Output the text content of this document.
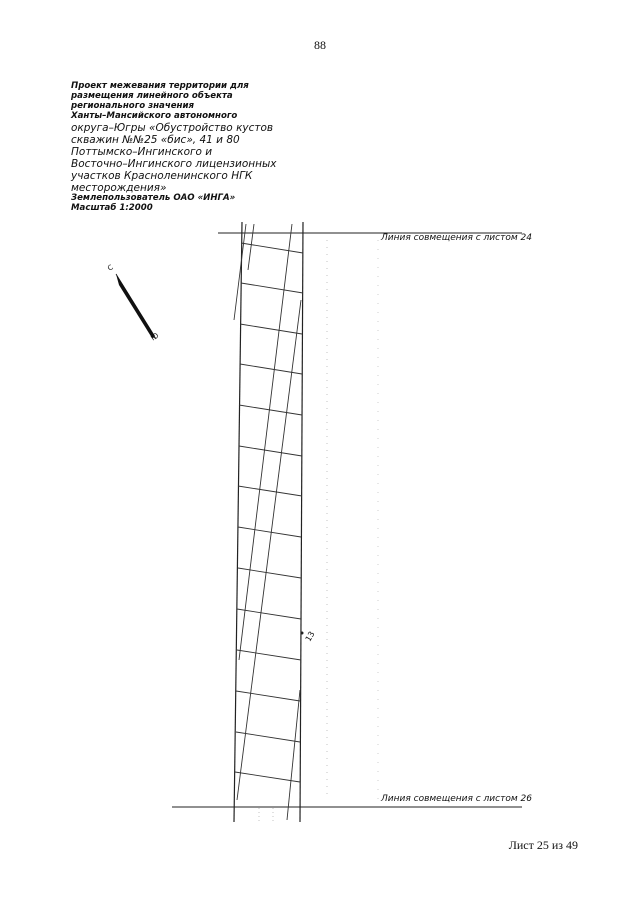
88
Проект межевания территории для
размещения линейного объекта
регионального значения
Ханты–Мансийского автономного
округа–Югры «Обустройство кустов
скважин №№25 «бис», 41 и 80
Поттымско–Ингинского и
Восточно–Ингинского лицензионных
участков Красноленинского НГК
месторождения»
Землепользователь ОАО «ИНГА»
Масштаб 1:2000
Линия совмещения с листом 24
Линия совмещения с листом 26
С
Ю
13
Лист 25 из 49
